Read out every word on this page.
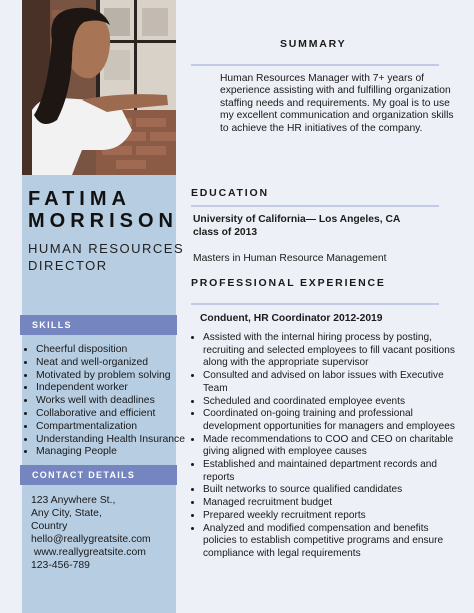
FATIMA
MORRISON
HUMAN RESOURCES
DIRECTOR
SKILLS
• Cheerful disposition
• Neat and well-organized
• Motivated by problem solving
• Independent worker
• Works well with deadlines
• Collaborative and efficient
• Compartmentalization
• Understanding Health Insurance
• Managing People
CONTACT DETAILS
123 Anywhere St.,
Any City, State,
Country
hello@reallygreatsite.com
www.reallygreatsite.com
123-456-789
SUMMARY
Human Resources Manager with 7+ years of experience assisting with and fulfilling organization staffing needs and requirements. My goal is to use my excellent communication and organization skills to achieve the HR initiatives of the company.
EDUCATION
University of California— Los Angeles, CA
class of 2013
Masters in Human Resource Management
PROFESSIONAL EXPERIENCE
Conduent, HR Coordinator 2012-2019
• Assisted with the internal hiring process by posting, recruiting and selected employees to fill vacant positions along with the appropriate supervisor
• Consulted and advised on labor issues with Executive Team
• Scheduled and coordinated employee events
• Coordinated on-going training and professional development opportunities for managers and employees
• Made recommendations to COO and CEO on charitable giving aligned with employee causes
• Established and maintained department records and reports
• Built networks to source qualified candidates
• Managed recruitment budget
• Prepared weekly recruitment reports
• Analyzed and modified compensation and benefits policies to establish competitive programs and ensure compliance with legal requirements
